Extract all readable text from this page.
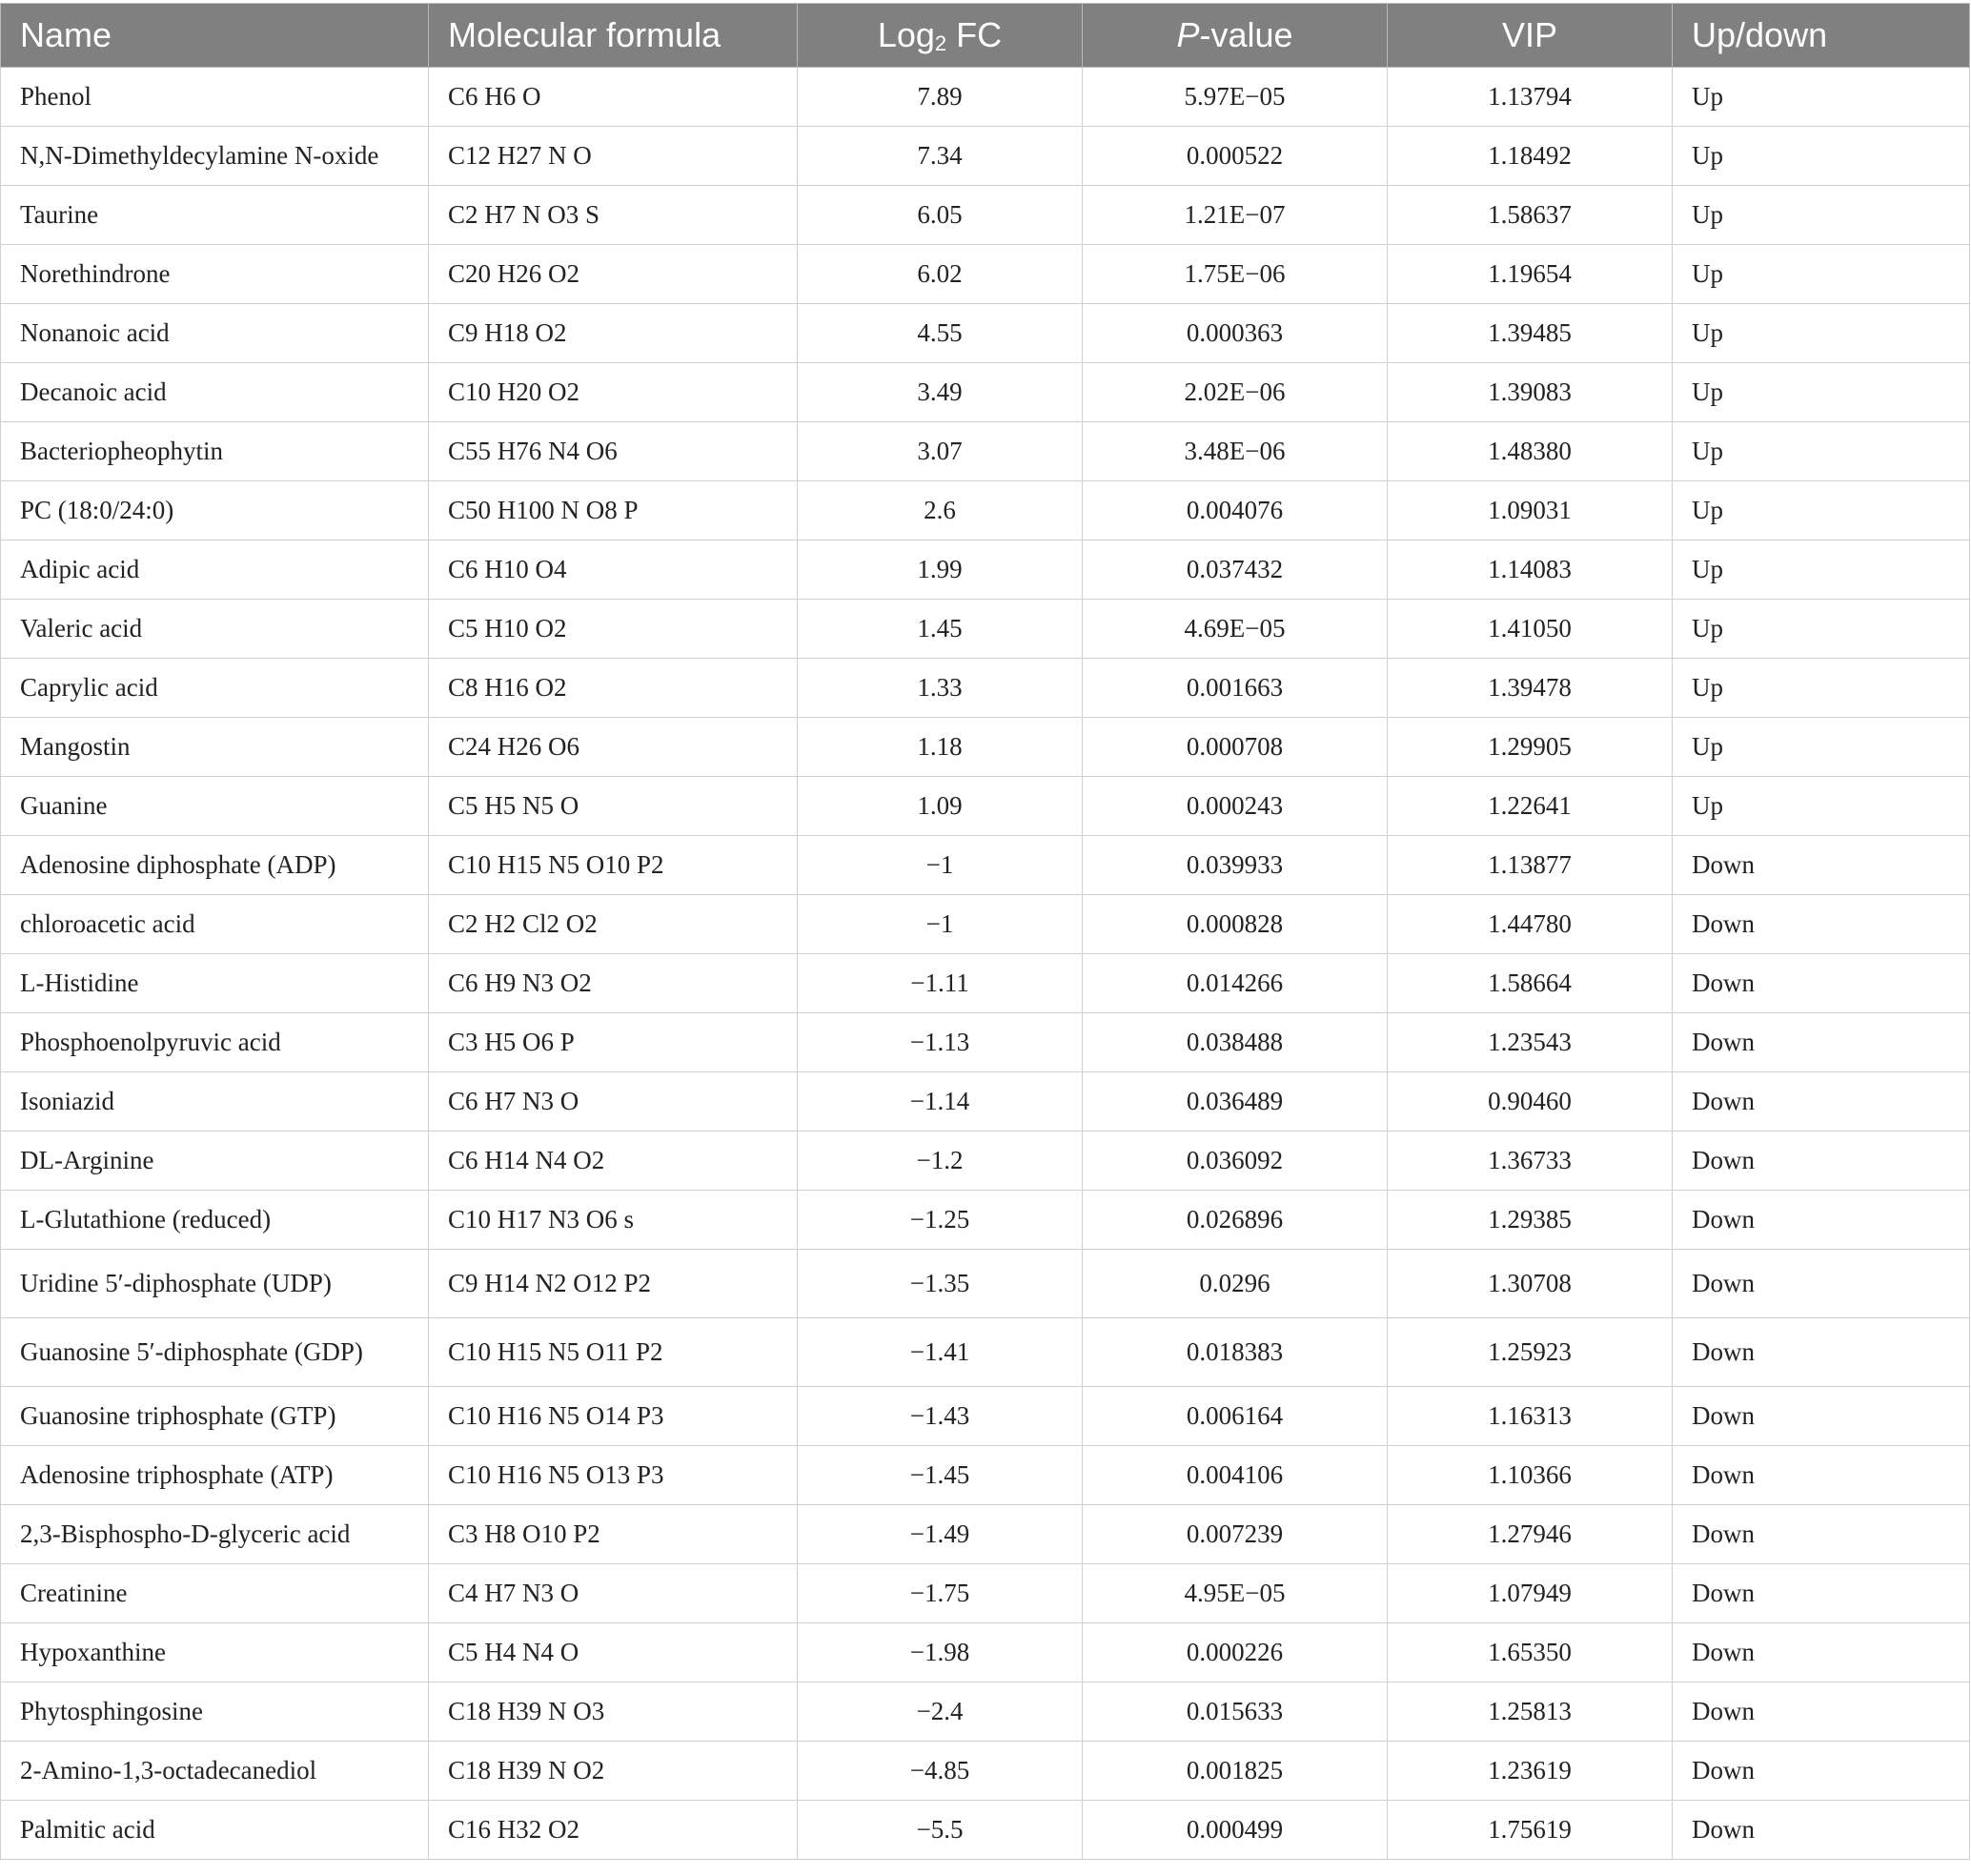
Name	Molecular formula	Log$_2$ FC	P-value	VIP	Up/down
Phenol	C6 H6 O	7.89	5.97E−05	1.13794	Up
N,N-Dimethyldecylamine N-oxide	C12 H27 N O	7.34	0.000522	1.18492	Up
Taurine	C2 H7 N O3 S	6.05	1.21E−07	1.58637	Up
Norethindrone	C20 H26 O2	6.02	1.75E−06	1.19654	Up
Nonanoic acid	C9 H18 O2	4.55	0.000363	1.39485	Up
Decanoic acid	C10 H20 O2	3.49	2.02E−06	1.39083	Up
Bacteriopheophytin	C55 H76 N4 O6	3.07	3.48E−06	1.48380	Up
PC (18:0/24:0)	C50 H100 N O8 P	2.6	0.004076	1.09031	Up
Adipic acid	C6 H10 O4	1.99	0.037432	1.14083	Up
Valeric acid	C5 H10 O2	1.45	4.69E−05	1.41050	Up
Caprylic acid	C8 H16 O2	1.33	0.001663	1.39478	Up
Mangostin	C24 H26 O6	1.18	0.000708	1.29905	Up
Guanine	C5 H5 N5 O	1.09	0.000243	1.22641	Up
Adenosine diphosphate (ADP)	C10 H15 N5 O10 P2	−1	0.039933	1.13877	Down
chloroacetic acid	C2 H2 Cl2 O2	−1	0.000828	1.44780	Down
L-Histidine	C6 H9 N3 O2	−1.11	0.014266	1.58664	Down
Phosphoenolpyruvic acid	C3 H5 O6 P	−1.13	0.038488	1.23543	Down
Isoniazid	C6 H7 N3 O	−1.14	0.036489	0.90460	Down
DL-Arginine	C6 H14 N4 O2	−1.2	0.036092	1.36733	Down
L-Glutathione (reduced)	C10 H17 N3 O6 s	−1.25	0.026896	1.29385	Down
Uridine 5′-diphosphate (UDP)	C9 H14 N2 O12 P2	−1.35	0.0296	1.30708	Down
Guanosine 5′-diphosphate (GDP)	C10 H15 N5 O11 P2	−1.41	0.018383	1.25923	Down
Guanosine triphosphate (GTP)	C10 H16 N5 O14 P3	−1.43	0.006164	1.16313	Down
Adenosine triphosphate (ATP)	C10 H16 N5 O13 P3	−1.45	0.004106	1.10366	Down
2,3-Bisphospho-D-glyceric acid	C3 H8 O10 P2	−1.49	0.007239	1.27946	Down
Creatinine	C4 H7 N3 O	−1.75	4.95E−05	1.07949	Down
Hypoxanthine	C5 H4 N4 O	−1.98	0.000226	1.65350	Down
Phytosphingosine	C18 H39 N O3	−2.4	0.015633	1.25813	Down
2-Amino-1,3-octadecanediol	C18 H39 N O2	−4.85	0.001825	1.23619	Down
Palmitic acid	C16 H32 O2	−5.5	0.000499	1.75619	Down
